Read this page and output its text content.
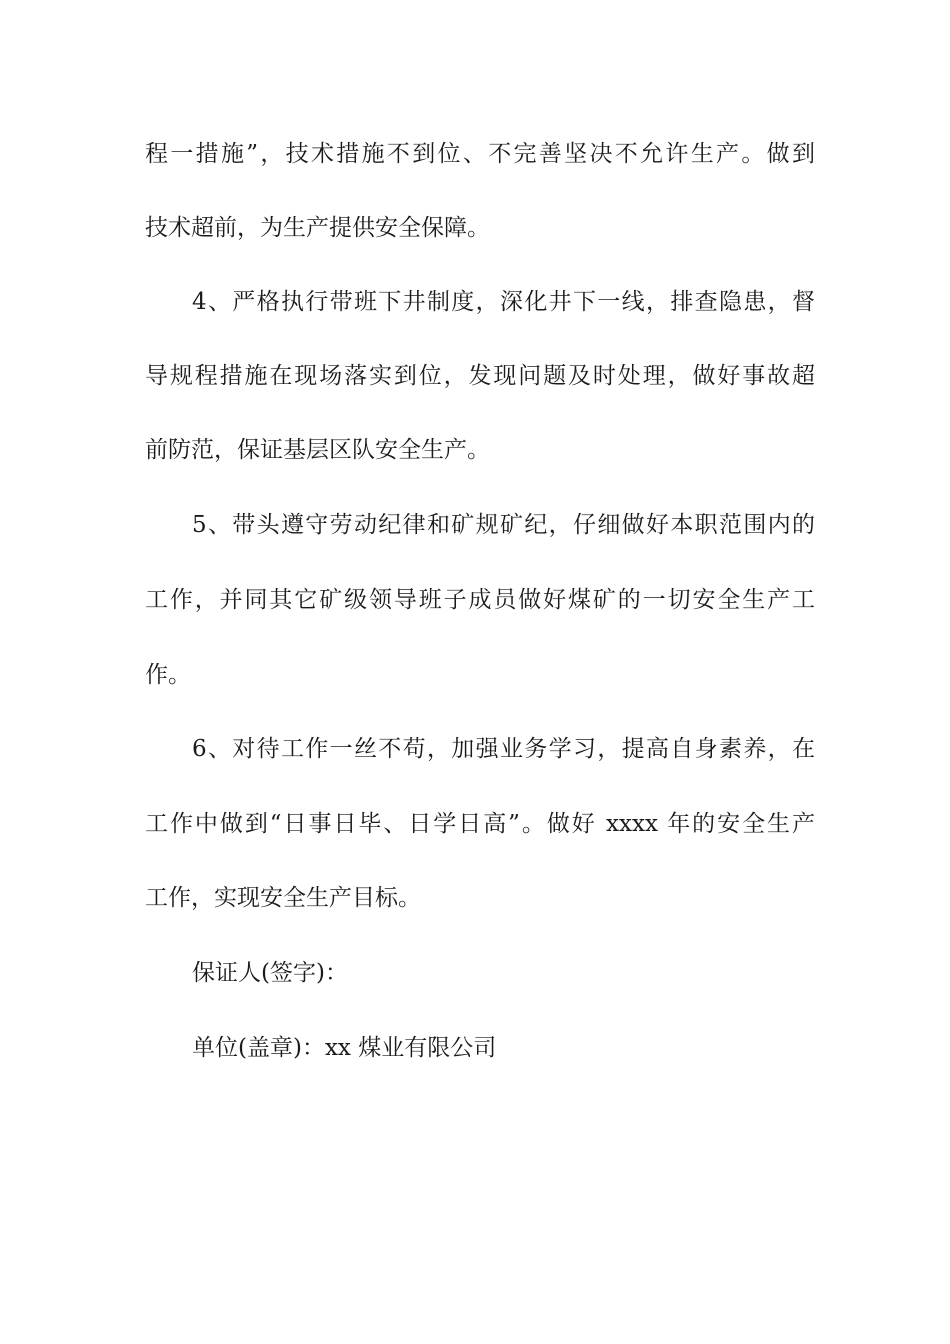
程一措施”，技术措施不到位、不完善坚决不允许生产。做到
技术超前，为生产提供安全保障。
4、严格执行带班下井制度，深化井下一线，排查隐患，督
导规程措施在现场落实到位，发现问题及时处理，做好事故超
前防范，保证基层区队安全生产。
5、带头遵守劳动纪律和矿规矿纪，仔细做好本职范围内的
工作，并同其它矿级领导班子成员做好煤矿的一切安全生产工
作。
6、对待工作一丝不苟，加强业务学习，提高自身素养，在
工作中做到“日事日毕、日学日高”。做好 xxxx 年的安全生产
工作，实现安全生产目标。
保证人(签字)：
单位(盖章)：xx 煤业有限公司
